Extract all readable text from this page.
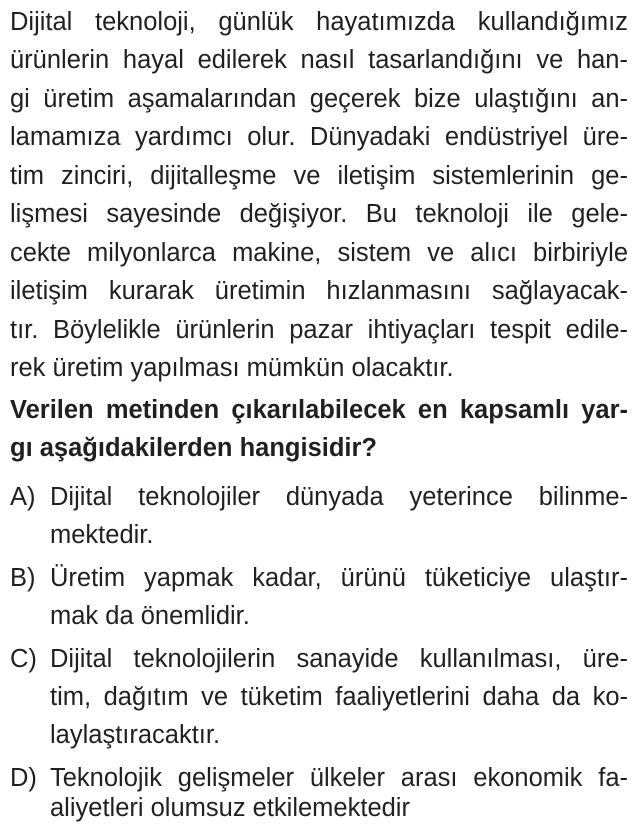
Dijital teknoloji, günlük hayatımızda kullandığımız
ürünlerin hayal edilerek nasıl tasarlandığını ve han-
gi üretim aşamalarından geçerek bize ulaştığını an-
lamamıza yardımcı olur. Dünyadaki endüstriyel üre-
tim zinciri, dijitalleşme ve iletişim sistemlerinin ge-
lişmesi sayesinde değişiyor. Bu teknoloji ile gele-
cekte milyonlarca makine, sistem ve alıcı birbiriyle
iletişim kurarak üretimin hızlanmasını sağlayacak-
tır. Böylelikle ürünlerin pazar ihtiyaçları tespit edile-
rek üretim yapılması mümkün olacaktır.
Verilen metinden çıkarılabilecek en kapsamlı yar-
gı aşağıdakilerden hangisidir?
A) Dijital teknolojiler dünyada yeterince bilinme-
mektedir.
B) Üretim yapmak kadar, ürünü tüketiciye ulaştır-
mak da önemlidir.
C) Dijital teknolojilerin sanayide kullanılması, üre-
tim, dağıtım ve tüketim faaliyetlerini daha da ko-
laylaştıracaktır.
D) Teknolojik gelişmeler ülkeler arası ekonomik fa-
aliyetleri olumsuz etkilemektedir
